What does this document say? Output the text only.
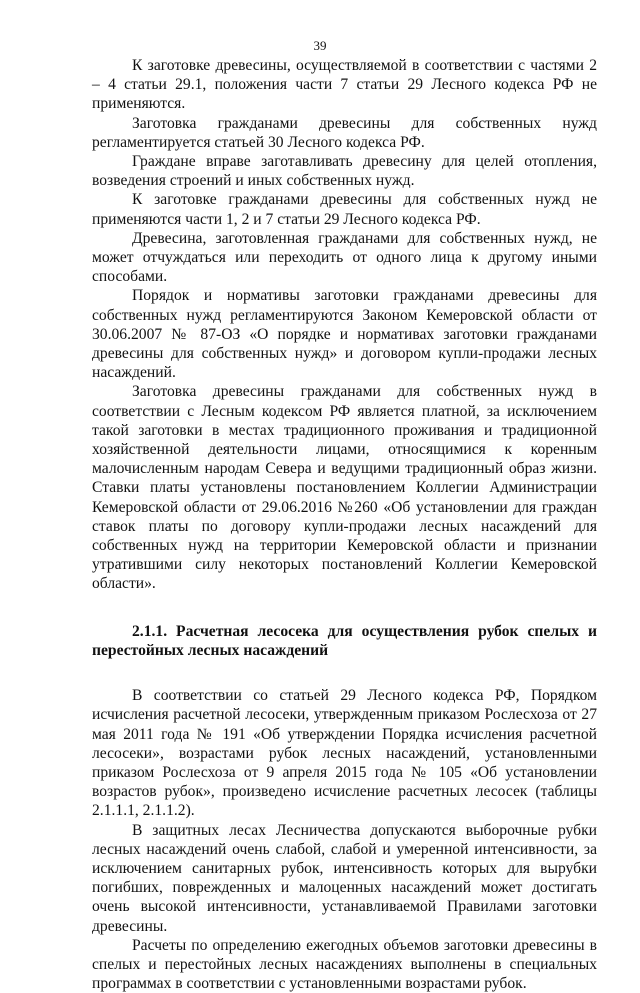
39

К заготовке древесины, осуществляемой в соответствии с частями 2 – 4 статьи 29.1, положения части 7 статьи 29 Лесного кодекса РФ не применяются.

Заготовка гражданами древесины для собственных нужд регламентируется статьей 30 Лесного кодекса РФ.

Граждане вправе заготавливать древесину для целей отопления, возведения строений и иных собственных нужд.

К заготовке гражданами древесины для собственных нужд не применяются части 1, 2 и 7 статьи 29 Лесного кодекса РФ.

Древесина, заготовленная гражданами для собственных нужд, не может отчуждаться или переходить от одного лица к другому иными способами.

Порядок и нормативы заготовки гражданами древесины для собственных нужд регламентируются Законом Кемеровской области от 30.06.2007 № 87-ОЗ «О порядке и нормативах заготовки гражданами древесины для собственных нужд» и договором купли-продажи лесных насаждений.

Заготовка древесины гражданами для собственных нужд в соответствии с Лесным кодексом РФ является платной, за исключением такой заготовки в местах традиционного проживания и традиционной хозяйственной деятельности лицами, относящимися к коренным малочисленным народам Севера и ведущими традиционный образ жизни. Ставки платы установлены постановлением Коллегии Администрации Кемеровской области от 29.06.2016 №260 «Об установлении для граждан ставок платы по договору купли-продажи лесных насаждений для собственных нужд на территории Кемеровской области и признании утратившими силу некоторых постановлений Коллегии Кемеровской области».

2.1.1. Расчетная лесосека для осуществления рубок спелых и перестойных лесных насаждений

В соответствии со статьей 29 Лесного кодекса РФ, Порядком исчисления расчетной лесосеки, утвержденным приказом Рослесхоза от 27 мая 2011 года № 191 «Об утверждении Порядка исчисления расчетной лесосеки», возрастами рубок лесных насаждений, установленными приказом Рослесхоза от 9 апреля 2015 года № 105 «Об установлении возрастов рубок», произведено исчисление расчетных лесосек (таблицы 2.1.1.1, 2.1.1.2).

В защитных лесах Лесничества допускаются выборочные рубки лесных насаждений очень слабой, слабой и умеренной интенсивности, за исключением санитарных рубок, интенсивность которых для вырубки погибших, поврежденных и малоценных насаждений может достигать очень высокой интенсивности, устанавливаемой Правилами заготовки древесины.

Расчеты по определению ежегодных объемов заготовки древесины в спелых и перестойных лесных насаждениях выполнены в специальных программах в соответствии с установленными возрастами рубок.
